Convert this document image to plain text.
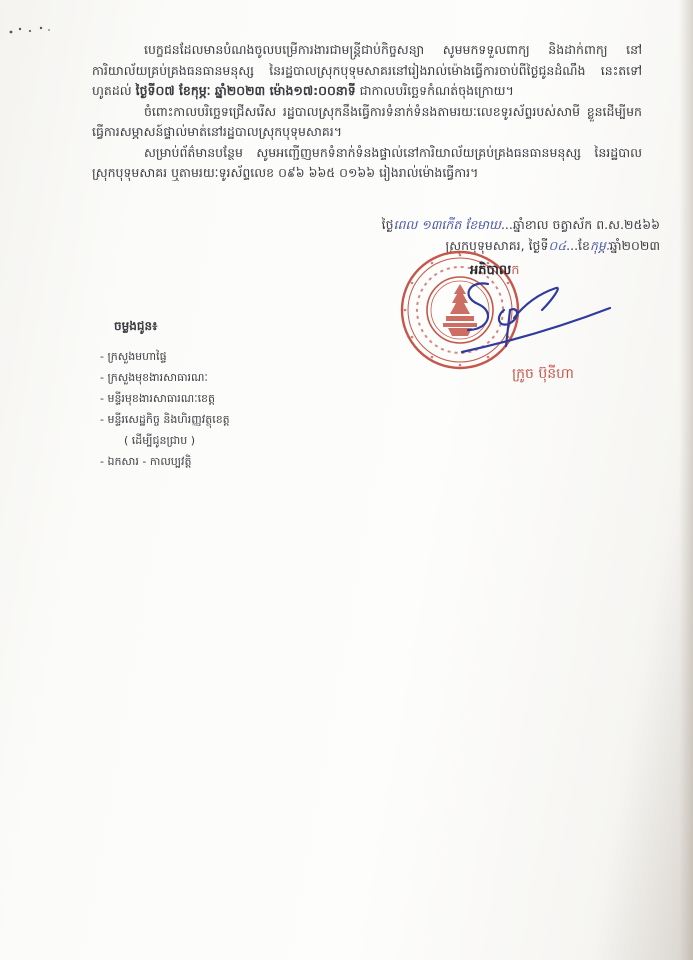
បេក្ខជនដែលមានបំណងចូលបម្រើការងារជាមន្ត្រីជាប់កិច្ចសន្យា សូមមកទទួលពាក្យ និងដាក់ពាក្យ នៅការិយាល័យគ្រប់គ្រងធនធានមនុស្ស នៃរដ្ឋបាលស្រុកបុទុមសាគរនៅរៀងរាល់ម៉ោងធ្វើការចាប់ពីថ្ងៃជូនដំណឹង នេះតទៅ ហូតដល់ ថ្ងៃទី០៧ ខែកុម្ភៈ ឆ្នាំ២០២៣ ម៉ោង១៧:០០នាទី ជាកាលបរិច្ឆេទកំណត់ចុងក្រោយ។

ចំពោះកាលបរិច្ឆេទជ្រើសរើស រដ្ឋបាលស្រុកនឹងធ្វើការទំនាក់ទំនងតាមរយៈលេខទូរស័ព្ទរបស់សាមី ខ្លួនដើម្បីមកធ្វើការសម្ភាសន៍ផ្ទាល់មាត់នៅរដ្ឋបាលស្រុកបុទុមសាគរ។

សម្រាប់ព័ត៌មានបន្ថែម សូមអញ្ជើញមកទំនាក់ទំនងផ្ទាល់នៅការិយាល័យគ្រប់គ្រងធនធានមនុស្ស នៃរដ្ឋបាលស្រុកបុទុមសាគរ ឬតាមរយៈទូរស័ព្ទលេខ ០៩៦ ៦៦៥ ០១៦៦ រៀងរាល់ម៉ោងធ្វើការ។

ថ្ងៃពេល ១៣កើត ខែមាឃ...ឆ្នាំខាល ចត្វាស័ក ព.ស.២៥៦៦
ស្រុកបុទុមសាគរ, ថ្ងៃទី០៤...ខែកុម្ភៈឆ្នាំ២០២៣
អភិបាលក
ក្រូច ប៊ុនីហា
ចម្លងជូន៖
- ក្រសួងមហាផ្ទៃ
- ក្រសួងមុខងារសាធារណៈ
- មន្ទីរមុខងារសាធារណៈខេត្ត
- មន្ទីរសេដ្ឋកិច្ច និងហិរញ្ញវត្ថុខេត្ត
( ដើម្បីជូនជ្រាប )
- ឯកសារ - កាលប្បវត្តិ
